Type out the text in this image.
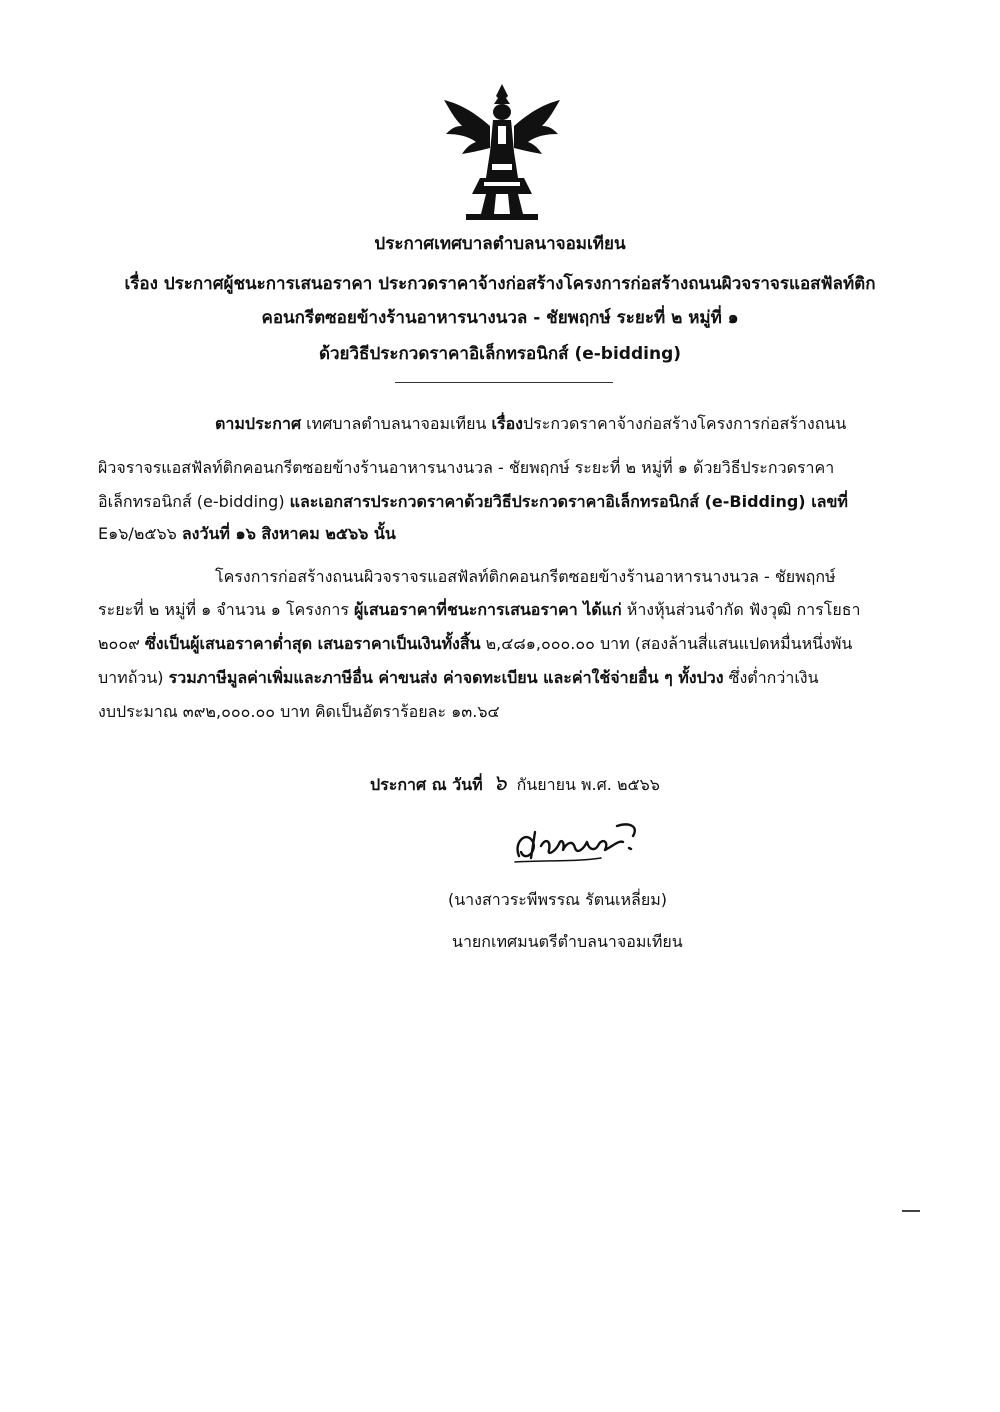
ประกาศเทศบาลตำบลนาจอมเทียน
เรื่อง ประกาศผู้ชนะการเสนอราคา ประกวดราคาจ้างก่อสร้างโครงการก่อสร้างถนนผิวจราจรแอสฟัลท์ติก
คอนกรีตซอยข้างร้านอาหารนางนวล - ชัยพฤกษ์ ระยะที่ ๒ หมู่ที่ ๑
ด้วยวิธีประกวดราคาอิเล็กทรอนิกส์ (e-bidding)
ตามประกาศ เทศบาลตำบลนาจอมเทียน เรื่องประกวดราคาจ้างก่อสร้างโครงการก่อสร้างถนน
ผิวจราจรแอสฟัลท์ติกคอนกรีตซอยข้างร้านอาหารนางนวล - ชัยพฤกษ์ ระยะที่ ๒ หมู่ที่ ๑ ด้วยวิธีประกวดราคา
อิเล็กทรอนิกส์ (e-bidding) และเอกสารประกวดราคาด้วยวิธีประกวดราคาอิเล็กทรอนิกส์ (e-Bidding) เลขที่
E๑๖/๒๕๖๖ ลงวันที่ ๑๖ สิงหาคม ๒๕๖๖ นั้น
โครงการก่อสร้างถนนผิวจราจรแอสฟัลท์ติกคอนกรีตซอยข้างร้านอาหารนางนวล - ชัยพฤกษ์
ระยะที่ ๒ หมู่ที่ ๑ จำนวน ๑ โครงการ ผู้เสนอราคาที่ชนะการเสนอราคา ได้แก่ ห้างหุ้นส่วนจำกัด ฟังวุฒิ การโยธา
๒๐๐๙ ซึ่งเป็นผู้เสนอราคาต่ำสุด เสนอราคาเป็นเงินทั้งสิ้น ๒,๔๘๑,๐๐๐.๐๐ บาท (สองล้านสี่แสนแปดหมื่นหนึ่งพัน
บาทถ้วน) รวมภาษีมูลค่าเพิ่มและภาษีอื่น ค่าขนส่ง ค่าจดทะเบียน และค่าใช้จ่ายอื่น ๆ ทั้งปวง ซึ่งต่ำกว่าเงิน
งบประมาณ ๓๙๒,๐๐๐.๐๐ บาท คิดเป็นอัตราร้อยละ ๑๓.๖๔
ประกาศ ณ วันที่ ๖ กันยายน พ.ศ. ๒๕๖๖
(นางสาวระพีพรรณ รัตนเหลี่ยม)
นายกเทศมนตรีตำบลนาจอมเทียน
